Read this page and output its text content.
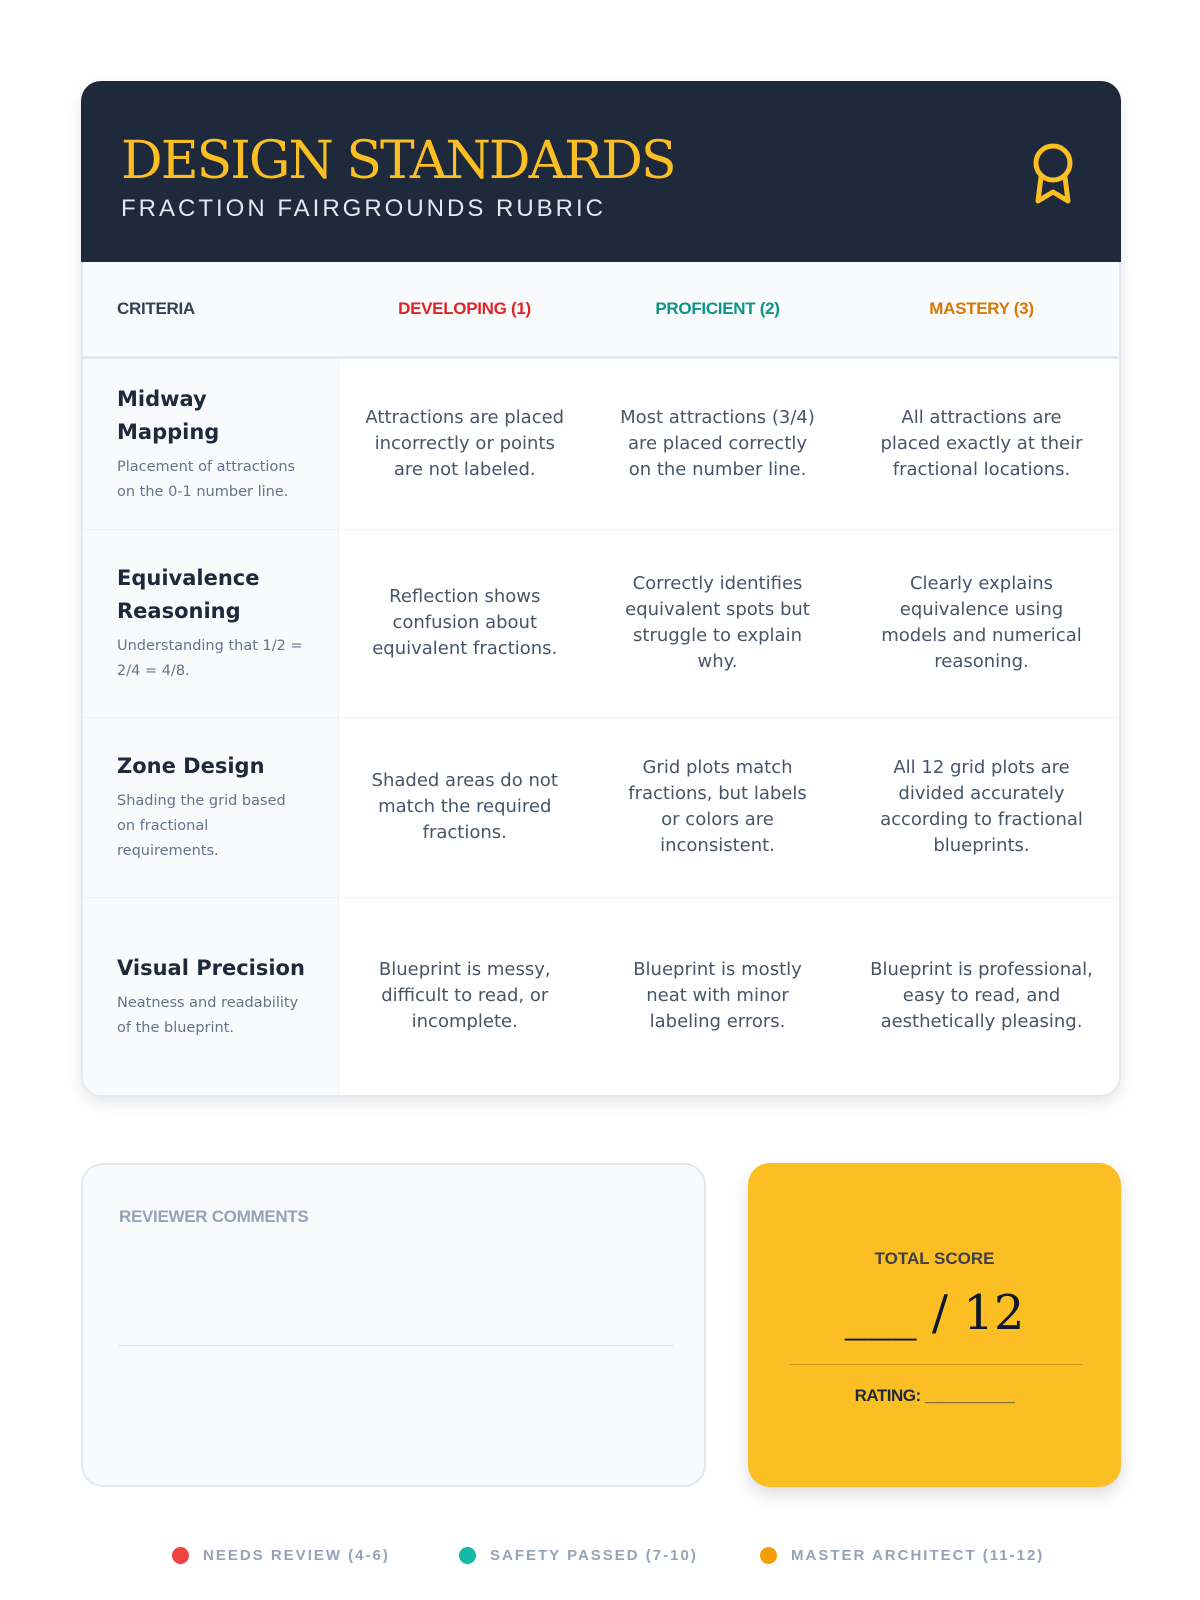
DESIGN STANDARDS
FRACTION FAIRGROUNDS RUBRIC
CRITERIA	DEVELOPING (1)	PROFICIENT (2)	MASTERY (3)

Midway Mapping
Placement of attractions on the 0-1 number line.	Attractions are placed incorrectly or points are not labeled.	Most attractions (3/4) are placed correctly on the number line.	All attractions are placed exactly at their fractional locations.

Equivalence Reasoning
Understanding that 1/2 = 2/4 = 4/8.	Reflection shows confusion about equivalent fractions.	Correctly identifies equivalent spots but struggle to explain why.	Clearly explains equivalence using models and numerical reasoning.

Zone Design
Shading the grid based on fractional requirements.	Shaded areas do not match the required fractions.	Grid plots match fractions, but labels or colors are inconsistent.	All 12 grid plots are divided accurately according to fractional blueprints.

Visual Precision
Neatness and readability of the blueprint.	Blueprint is messy, difficult to read, or incomplete.	Blueprint is mostly neat with minor labeling errors.	Blueprint is professional, easy to read, and aesthetically pleasing.
REVIEWER COMMENTS
TOTAL SCORE
___ / 12
RATING: __________
NEEDS REVIEW (4-6)	SAFETY PASSED (7-10)	MASTER ARCHITECT (11-12)
